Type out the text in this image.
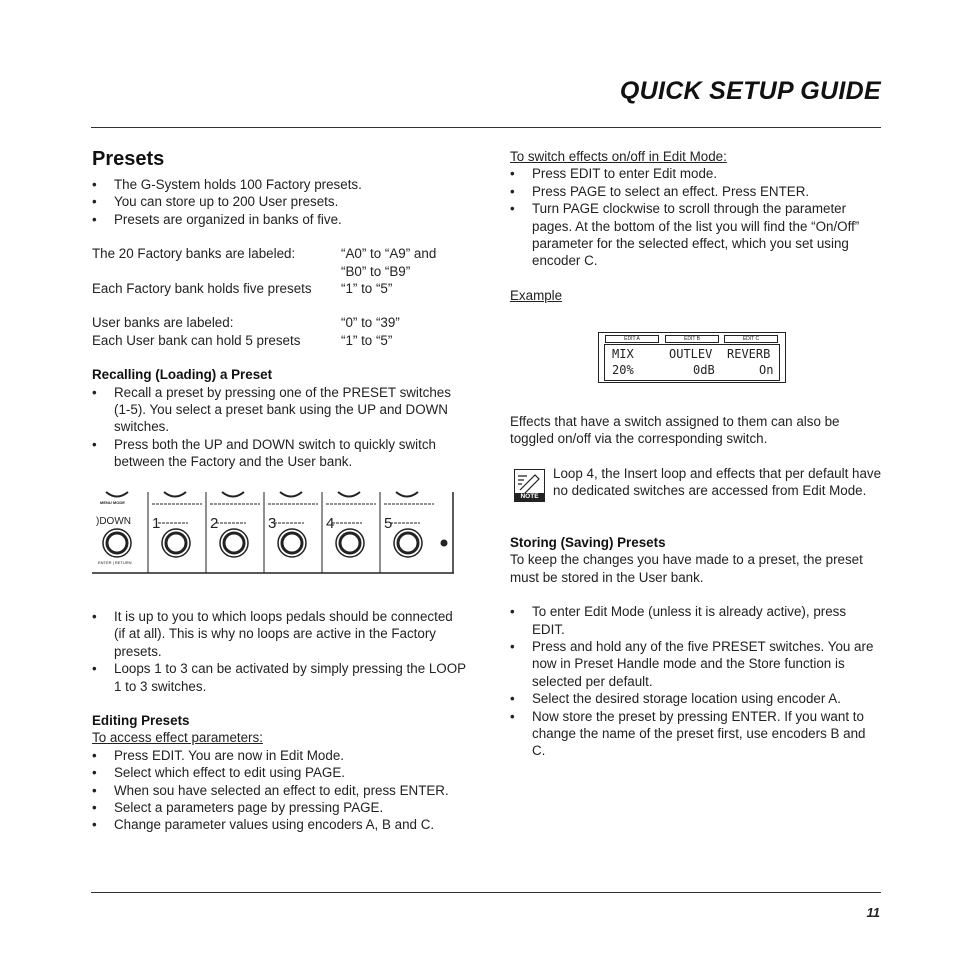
QUICK SETUP GUIDE
Presets
• The G-System holds 100 Factory presets.
• You can store up to 200 User presets.
• Presets are organized in banks of five.
The 20 Factory banks are labeled:	“A0” to “A9” and
“B0” to “B9”
Each Factory bank holds five presets	“1” to “5”
User banks are labeled:	“0” to “39”
Each User bank can hold 5 presets	“1” to “5”
Recalling (Loading) a Preset
• Recall a preset by pressing one of the PRESET switches (1-5). You select a preset bank using the UP and DOWN switches.
• Press both the UP and DOWN switch to quickly switch between the Factory and the User bank.
MENU MODE
)DOWN
ENTER | RETURN
1	2	3	4	5
• It is up to you to which loops pedals should be connected (if at all). This is why no loops are active in the Factory presets.
• Loops 1 to 3 can be activated by simply pressing the LOOP 1 to 3 switches.
Editing Presets
To access effect parameters:
• Press EDIT. You are now in Edit Mode.
• Select which effect to edit using PAGE.
• When sou have selected an effect to edit, press ENTER.
• Select a parameters page by pressing PAGE.
• Change parameter values using encoders A, B and C.
To switch effects on/off in Edit Mode:
• Press EDIT to enter Edit mode.
• Press PAGE to select an effect. Press ENTER.
• Turn PAGE clockwise to scroll through the parameter pages. At the bottom of the list you will find the “On/Off” parameter for the selected effect, which you set using encoder C.
Example
EDIT A	EDIT B	EDIT C
MIX	OUTLEV REVERB
20%	0dB	On
Effects that have a switch assigned to them can also be toggled on/off via the corresponding switch.
NOTE
Loop 4, the Insert loop and effects that per default have no dedicated switches are accessed from Edit Mode.
Storing (Saving) Presets
To keep the changes you have made to a preset, the preset must be stored in the User bank.
• To enter Edit Mode (unless it is already active), press EDIT.
• Press and hold any of the five PRESET switches. You are now in Preset Handle mode and the Store function is selected per default.
• Select the desired storage location using encoder A.
• Now store the preset by pressing ENTER. If you want to change the name of the preset first, use encoders B and C.
11
